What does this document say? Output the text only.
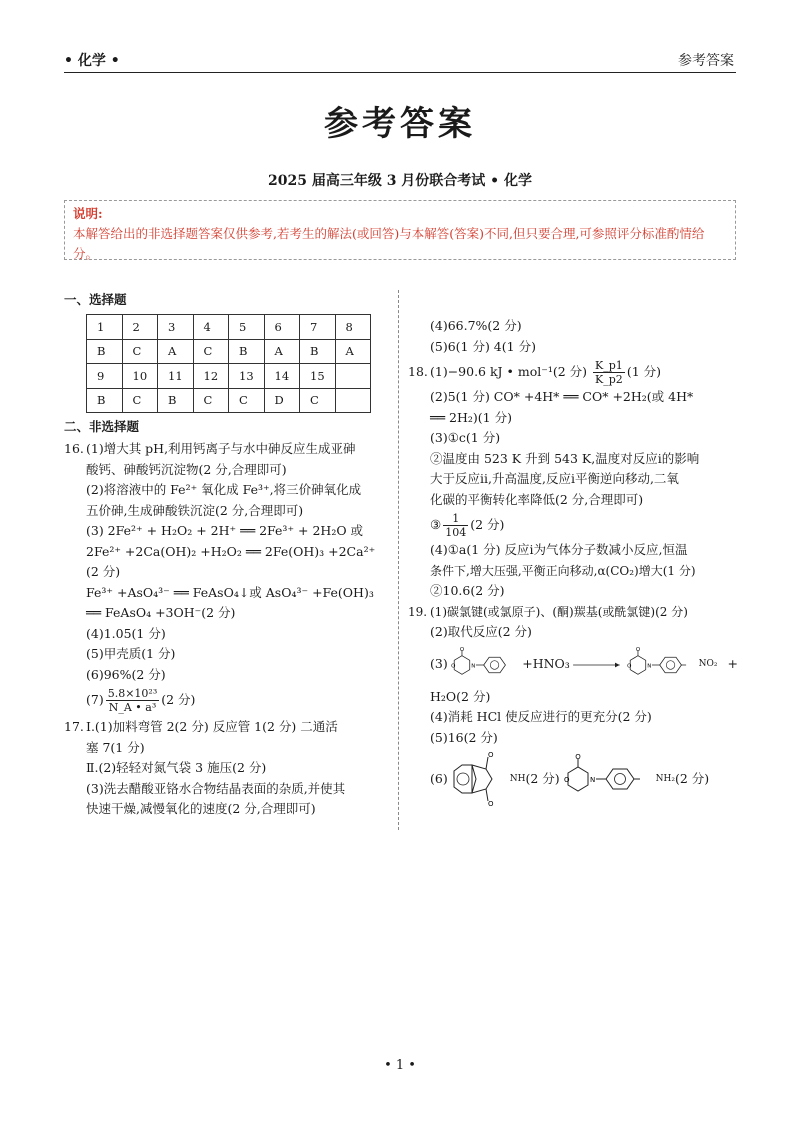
• 化学 •	参考答案
参考答案
2025 届高三年级 3 月份联合考试 • 化学
说明:
本解答给出的非选择题答案仅供参考,若考生的解法(或回答)与本解答(答案)不同,但只要合理,可参照评分标准酌情给分。
一、选择题
1	2	3	4	5	6	7	8
B	C	A	C	B	A	B	A
9	10	11	12	13	14	15	
B	C	B	C	C	D	C	
二、非选择题
16. (1)增大其 pH,利用钙离子与水中砷反应生成亚砷
酸钙、砷酸钙沉淀物(2 分,合理即可)
(2)将溶液中的 Fe²⁺ 氧化成 Fe³⁺,将三价砷氧化成
五价砷,生成砷酸铁沉淀(2 分,合理即可)
(3) 2Fe²⁺ + H₂O₂ + 2H⁺ ══ 2Fe³⁺ + 2H₂O 或
2Fe²⁺ +2Ca(OH)₂ +H₂O₂ ══ 2Fe(OH)₃ +2Ca²⁺
(2 分)
Fe³⁺ +AsO₄³⁻ ══ FeAsO₄↓或 AsO₄³⁻ +Fe(OH)₃
══ FeAsO₄ +3OH⁻(2 分)
(4)1.05(1 分)
(5)甲壳质(1 分)
(6)96%(2 分)
$(7) \frac{\text{5.8×10²³}}{\text{N\_A • a³}} (2$ 分)
17. Ⅰ.(1)加料弯管 2(2 分) 反应管 1(2 分) 二通活
塞 7(1 分)
Ⅱ.(2)轻轻对氮气袋 3 施压(2 分)
(3)洗去醋酸亚铬水合物结晶表面的杂质,并使其
快速干燥,减慢氧化的速度(2 分,合理即可)
(4)66.7%(2 分)
(5)6(1 分) 4(1 分)
18. (1)−90.6 kJ • mol⁻¹(2 分) $\frac{K\_p1}{K\_p2} (1$ 分)
(2)5(1 分) CO* +4H* ══ CO* +2H₂(或 4H*
══ 2H₂)(1 分)
(3)①c(1 分)
②温度由 523 K 升到 543 K,温度对反应ⅰ的影响
大于反应ⅱ,升高温度,反应ⅰ平衡逆向移动,二氧
化碳的平衡转化率降低(2 分,合理即可)
③ $\frac{1}{104} (2$ 分)
(4)①a(1 分) 反应ⅰ为气体分子数减小反应,恒温
条件下,增大压强,平衡正向移动,α(CO₂)增大(1 分)
②10.6(2 分)
19. (1)碳氯键(或氯原子)、(酮)羰基(或酰氯键)(2 分)
(2)取代反应(2 分)
(3)
O
O N	+HNO₃
O
O N	NO₂ +
H₂O(2 分)
(4)消耗 HCl 使反应进行的更充分(2 分)
(5)16(2 分)
(6)
O
O
NH (2 分)
O
O	N	NH₂ (2 分)
• 1 •
